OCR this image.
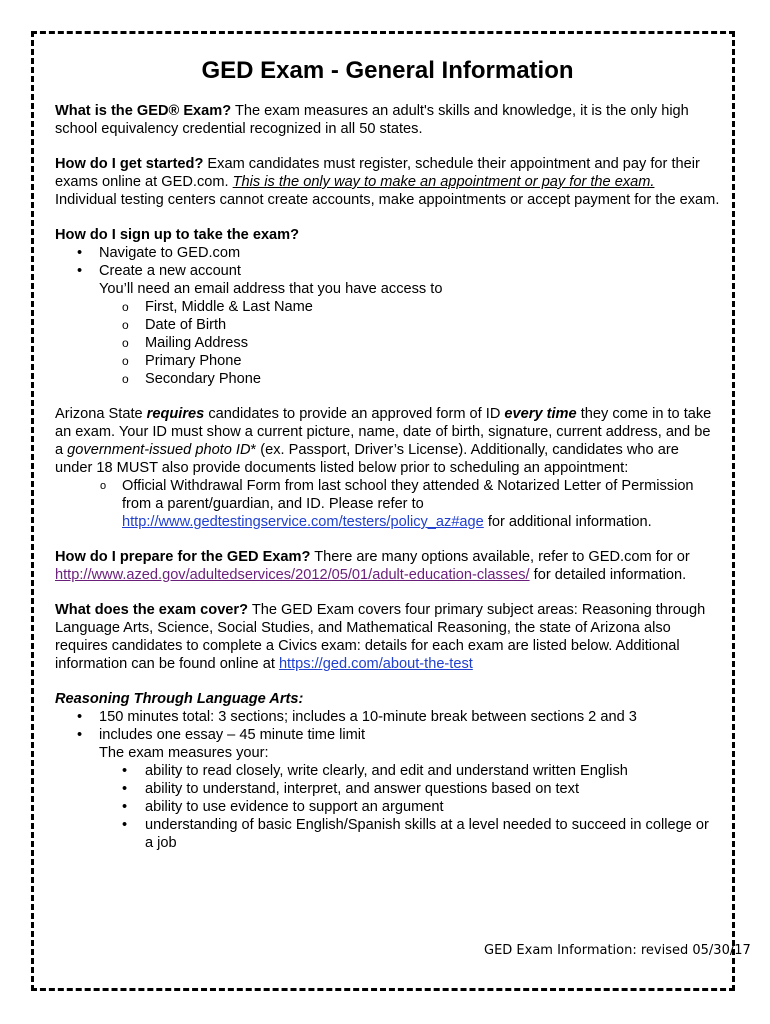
GED Exam - General Information

What is the GED® Exam? The exam measures an adult's skills and knowledge, it is the only high school equivalency credential recognized in all 50 states.

How do I get started? Exam candidates must register, schedule their appointment and pay for their exams online at GED.com. This is the only way to make an appointment or pay for the exam. Individual testing centers cannot create accounts, make appointments or accept payment for the exam.

How do I sign up to take the exam?

• Navigate to GED.com
• Create a new account
You’ll need an email address that you have access to
o First, Middle & Last Name
o Date of Birth
o Mailing Address
o Primary Phone
o Secondary Phone

Arizona State requires candidates to provide an approved form of ID every time they come in to take an exam. Your ID must show a current picture, name, date of birth, signature, current address, and be a government-issued photo ID* (ex. Passport, Driver’s License). Additionally, candidates who are under 18 MUST also provide documents listed below prior to scheduling an appointment:

o Official Withdrawal Form from last school they attended & Notarized Letter of Permission from a parent/guardian, and ID. Please refer to http://www.gedtestingservice.com/testers/policy_az#age for additional information.

How do I prepare for the GED Exam? There are many options available, refer to GED.com for or http://www.azed.gov/adultedservices/2012/05/01/adult-education-classes/ for detailed information.

What does the exam cover? The GED Exam covers four primary subject areas: Reasoning through Language Arts, Science, Social Studies, and Mathematical Reasoning, the state of Arizona also requires candidates to complete a Civics exam: details for each exam are listed below. Additional information can be found online at https://ged.com/about-the-test

Reasoning Through Language Arts:

• 150 minutes total: 3 sections; includes a 10-minute break between sections 2 and 3
• includes one essay – 45 minute time limit
The exam measures your:
• ability to read closely, write clearly, and edit and understand written English
• ability to understand, interpret, and answer questions based on text
• ability to use evidence to support an argument
• understanding of basic English/Spanish skills at a level needed to succeed in college or a job
GED Exam Information: revised 05/30/17
